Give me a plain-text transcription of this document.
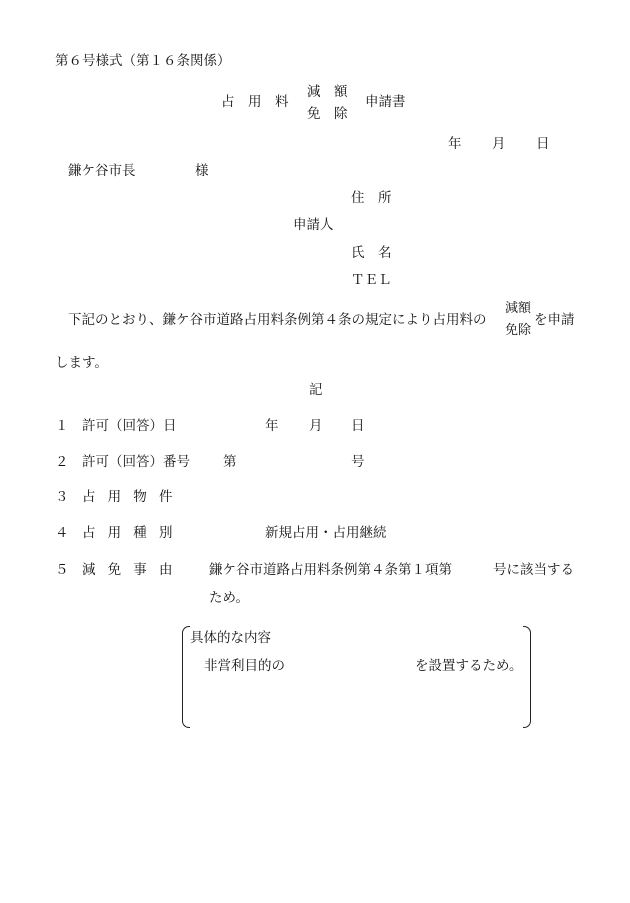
第６号様式（第１６条関係）
占　用　料
減　額
免　除
申請書
年 月 日
鎌ケ谷市長	様
住　所
申請人
氏　名
ＴＥＬ
下記のとおり、鎌ケ谷市道路占用料条例第４条の規定により占用料の
減額
免除
を申請
します。
記
１ 許可（回答）日	年 月 日
２ 許可（回答）番号 第	号
３ 占用物件
４ 占用種別	新規占用・占用継続
５ 減免事由 鎌ケ谷市道路占用料条例第４条第１項第	号に該当する
ため。
具体的な内容
非営利目的の	を設置するため。
